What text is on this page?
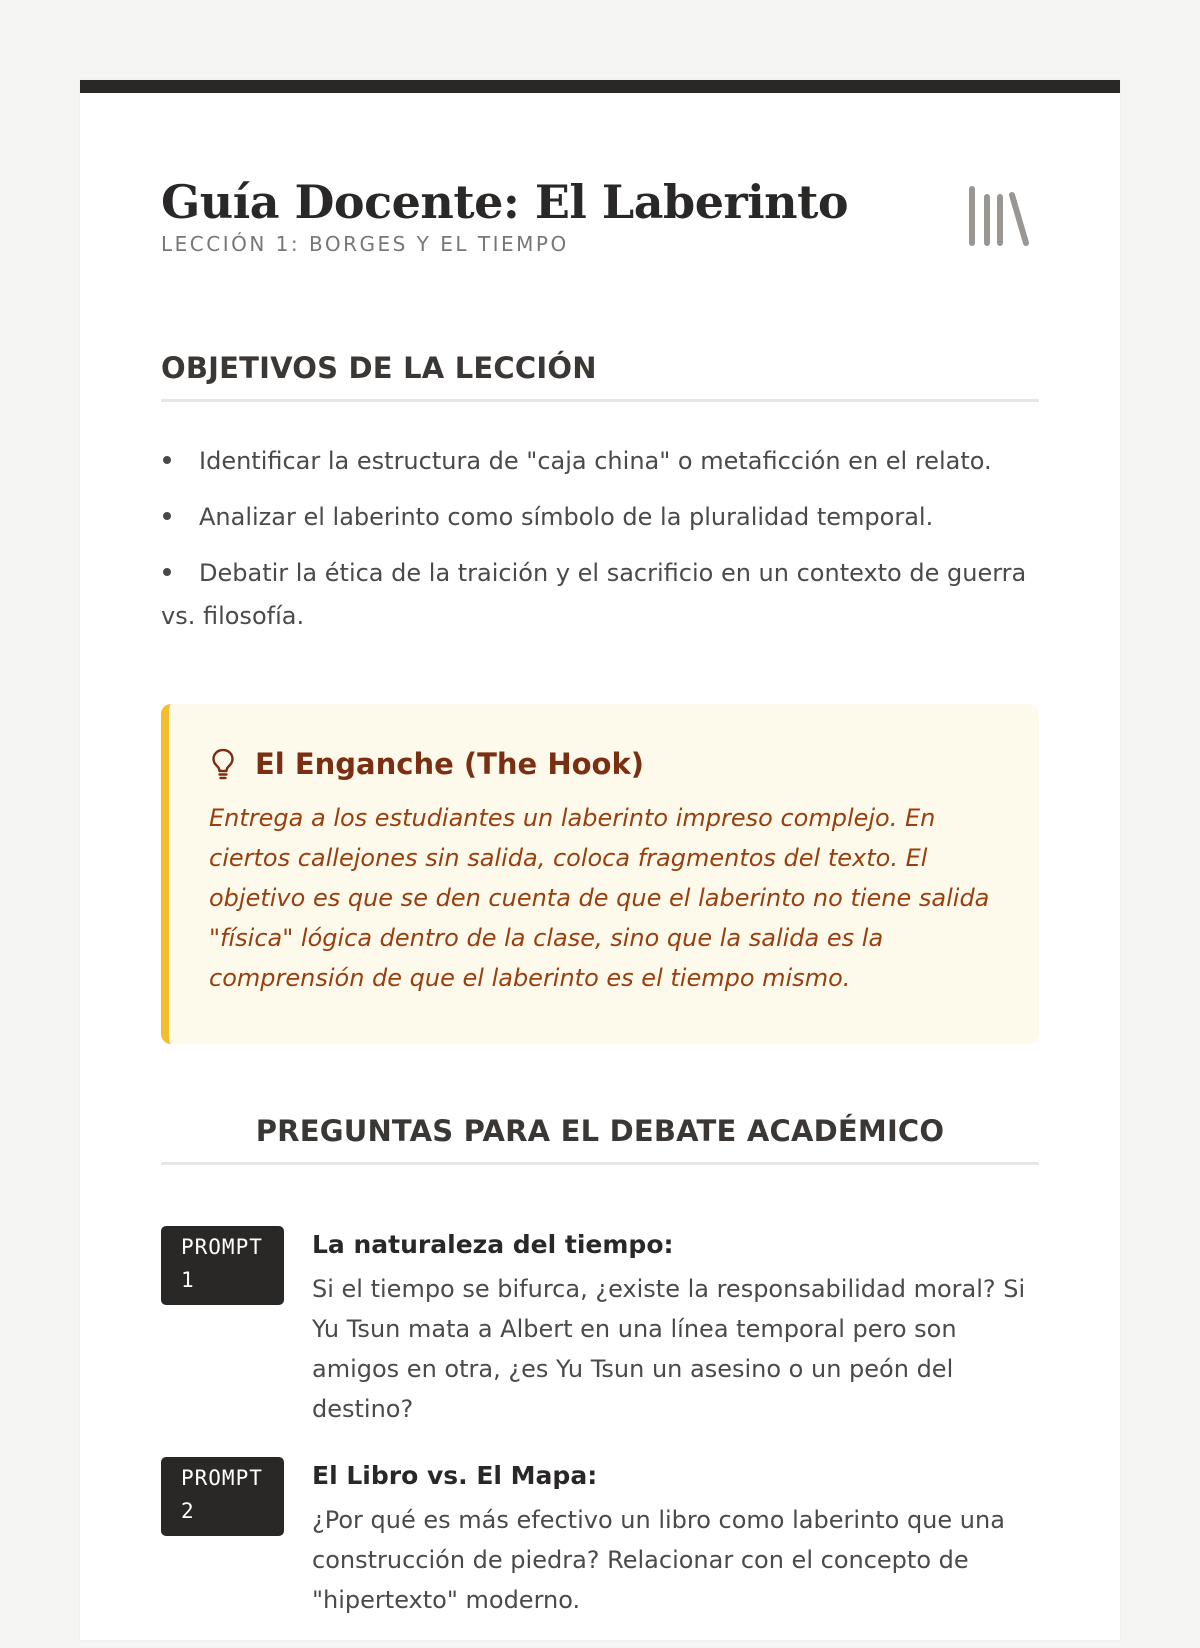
Guía Docente: El Laberinto
LECCIÓN 1: BORGES Y EL TIEMPO
OBJETIVOS DE LA LECCIÓN
Identificar la estructura de "caja china" o metaficción en el relato.
Analizar el laberinto como símbolo de la pluralidad temporal.
Debatir la ética de la traición y el sacrificio en un contexto de guerra vs. filosofía.
El Enganche (The Hook)

Entrega a los estudiantes un laberinto impreso complejo. En ciertos callejones sin salida, coloca fragmentos del texto. El objetivo es que se den cuenta de que el laberinto no tiene salida "física" lógica dentro de la clase, sino que la salida es la comprensión de que el laberinto es el tiempo mismo.

PREGUNTAS PARA EL DEBATE ACADÉMICO
PROMPT
1
La naturaleza del tiempo:

Si el tiempo se bifurca, ¿existe la responsabilidad moral? Si Yu Tsun mata a Albert en una línea temporal pero son amigos en otra, ¿es Yu Tsun un asesino o un peón del destino?

PROMPT
2
El Libro vs. El Mapa:

¿Por qué es más efectivo un libro como laberinto que una construcción de piedra? Relacionar con el concepto de "hipertexto" moderno.
